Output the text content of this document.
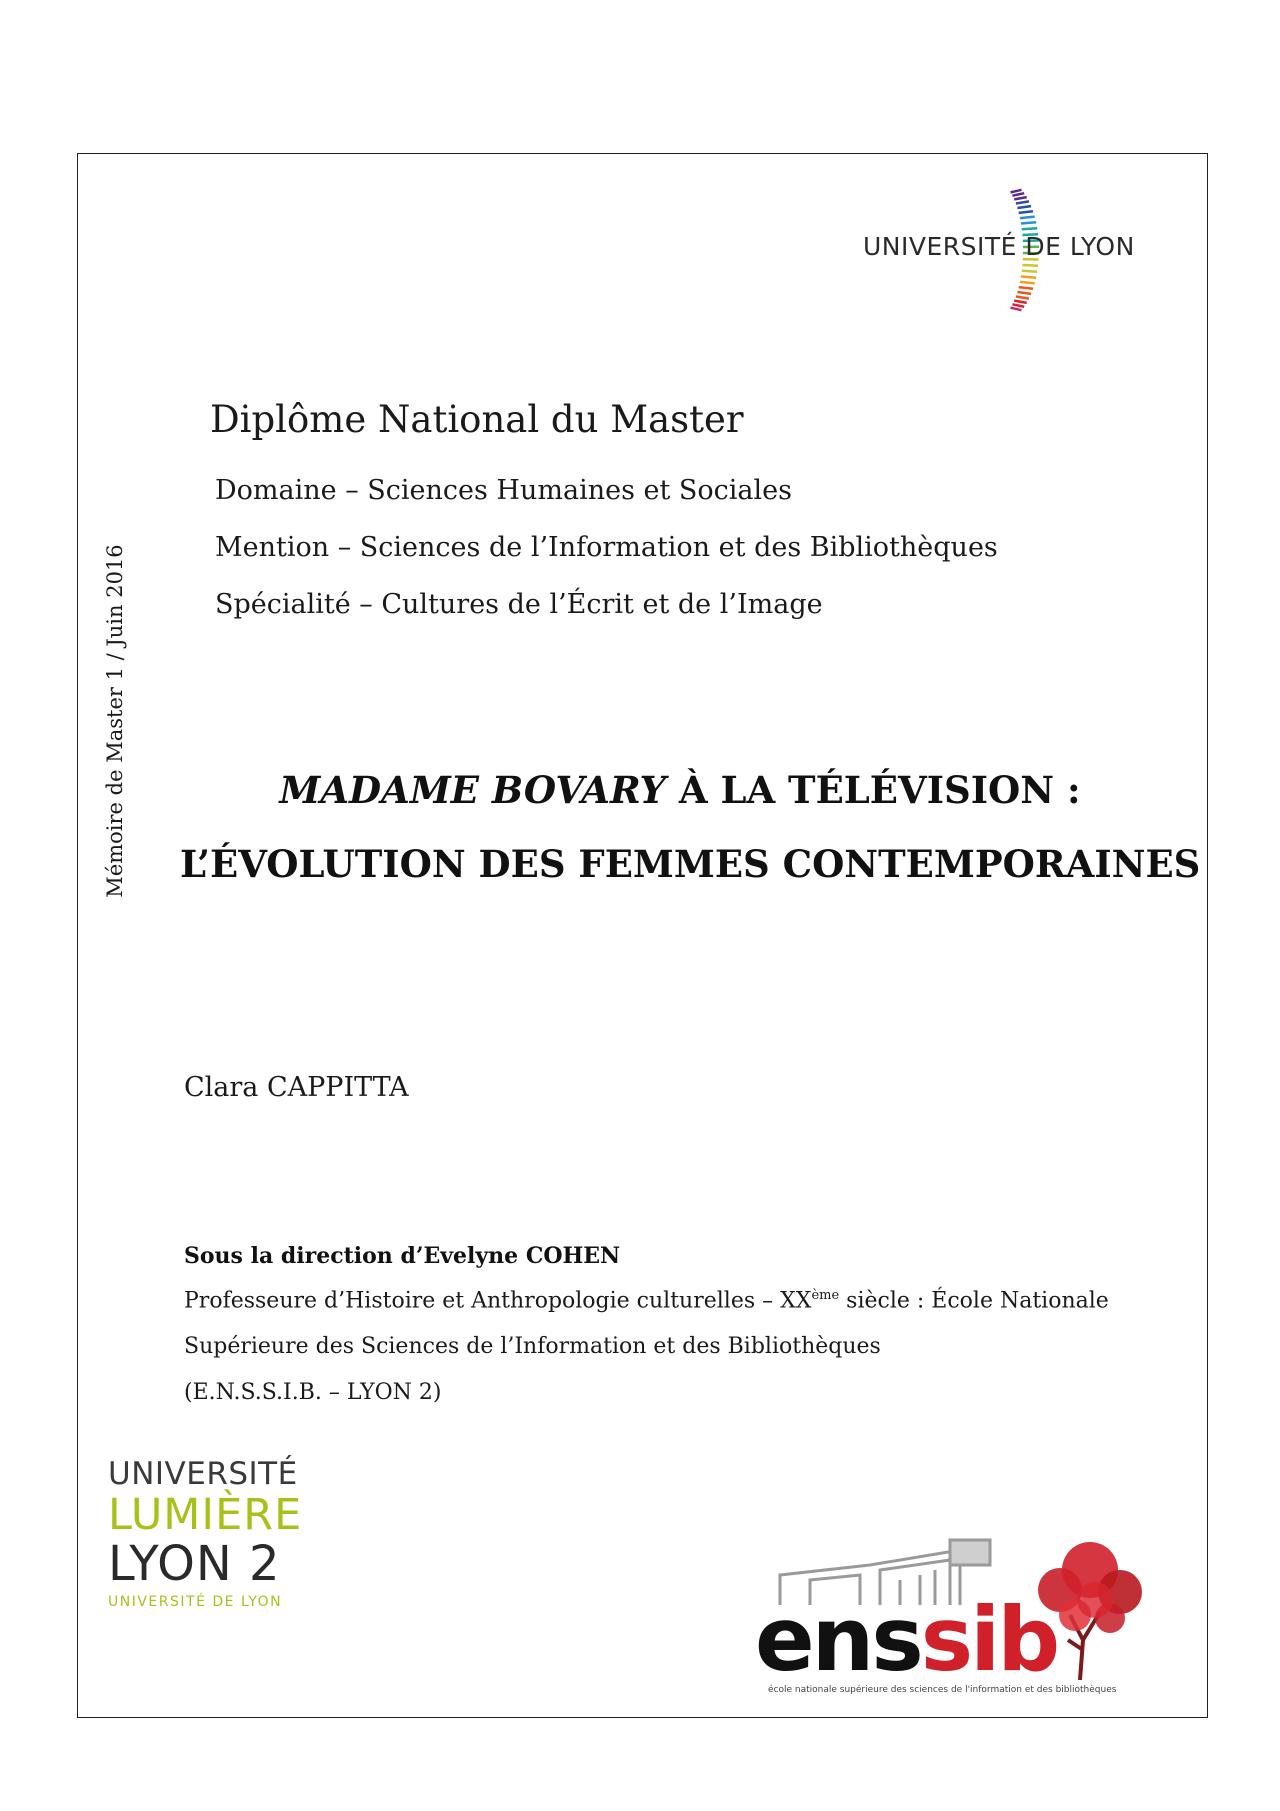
UNIVERSITÉ DE LYON
Mémoire de Master 1 / Juin 2016
Diplôme National du Master
Domaine – Sciences Humaines et Sociales
Mention – Sciences de l’Information et des Bibliothèques
Spécialité – Cultures de l’Écrit et de l’Image
MADAME BOVARY À LA TÉLÉVISION :
L’ÉVOLUTION DES FEMMES CONTEMPORAINES
Clara CAPPITTA
Sous la direction d’Evelyne COHEN
Professeure d’Histoire et Anthropologie culturelles – XXème siècle : École Nationale
Supérieure des Sciences de l’Information et des Bibliothèques
(E.N.S.S.I.B. – LYON 2)
UNIVERSITÉ
LUMIÈRE
LYON 2
UNIVERSITÉ DE LYON	enssib
école nationale supérieure des sciences de l'information et des bibliothèques
